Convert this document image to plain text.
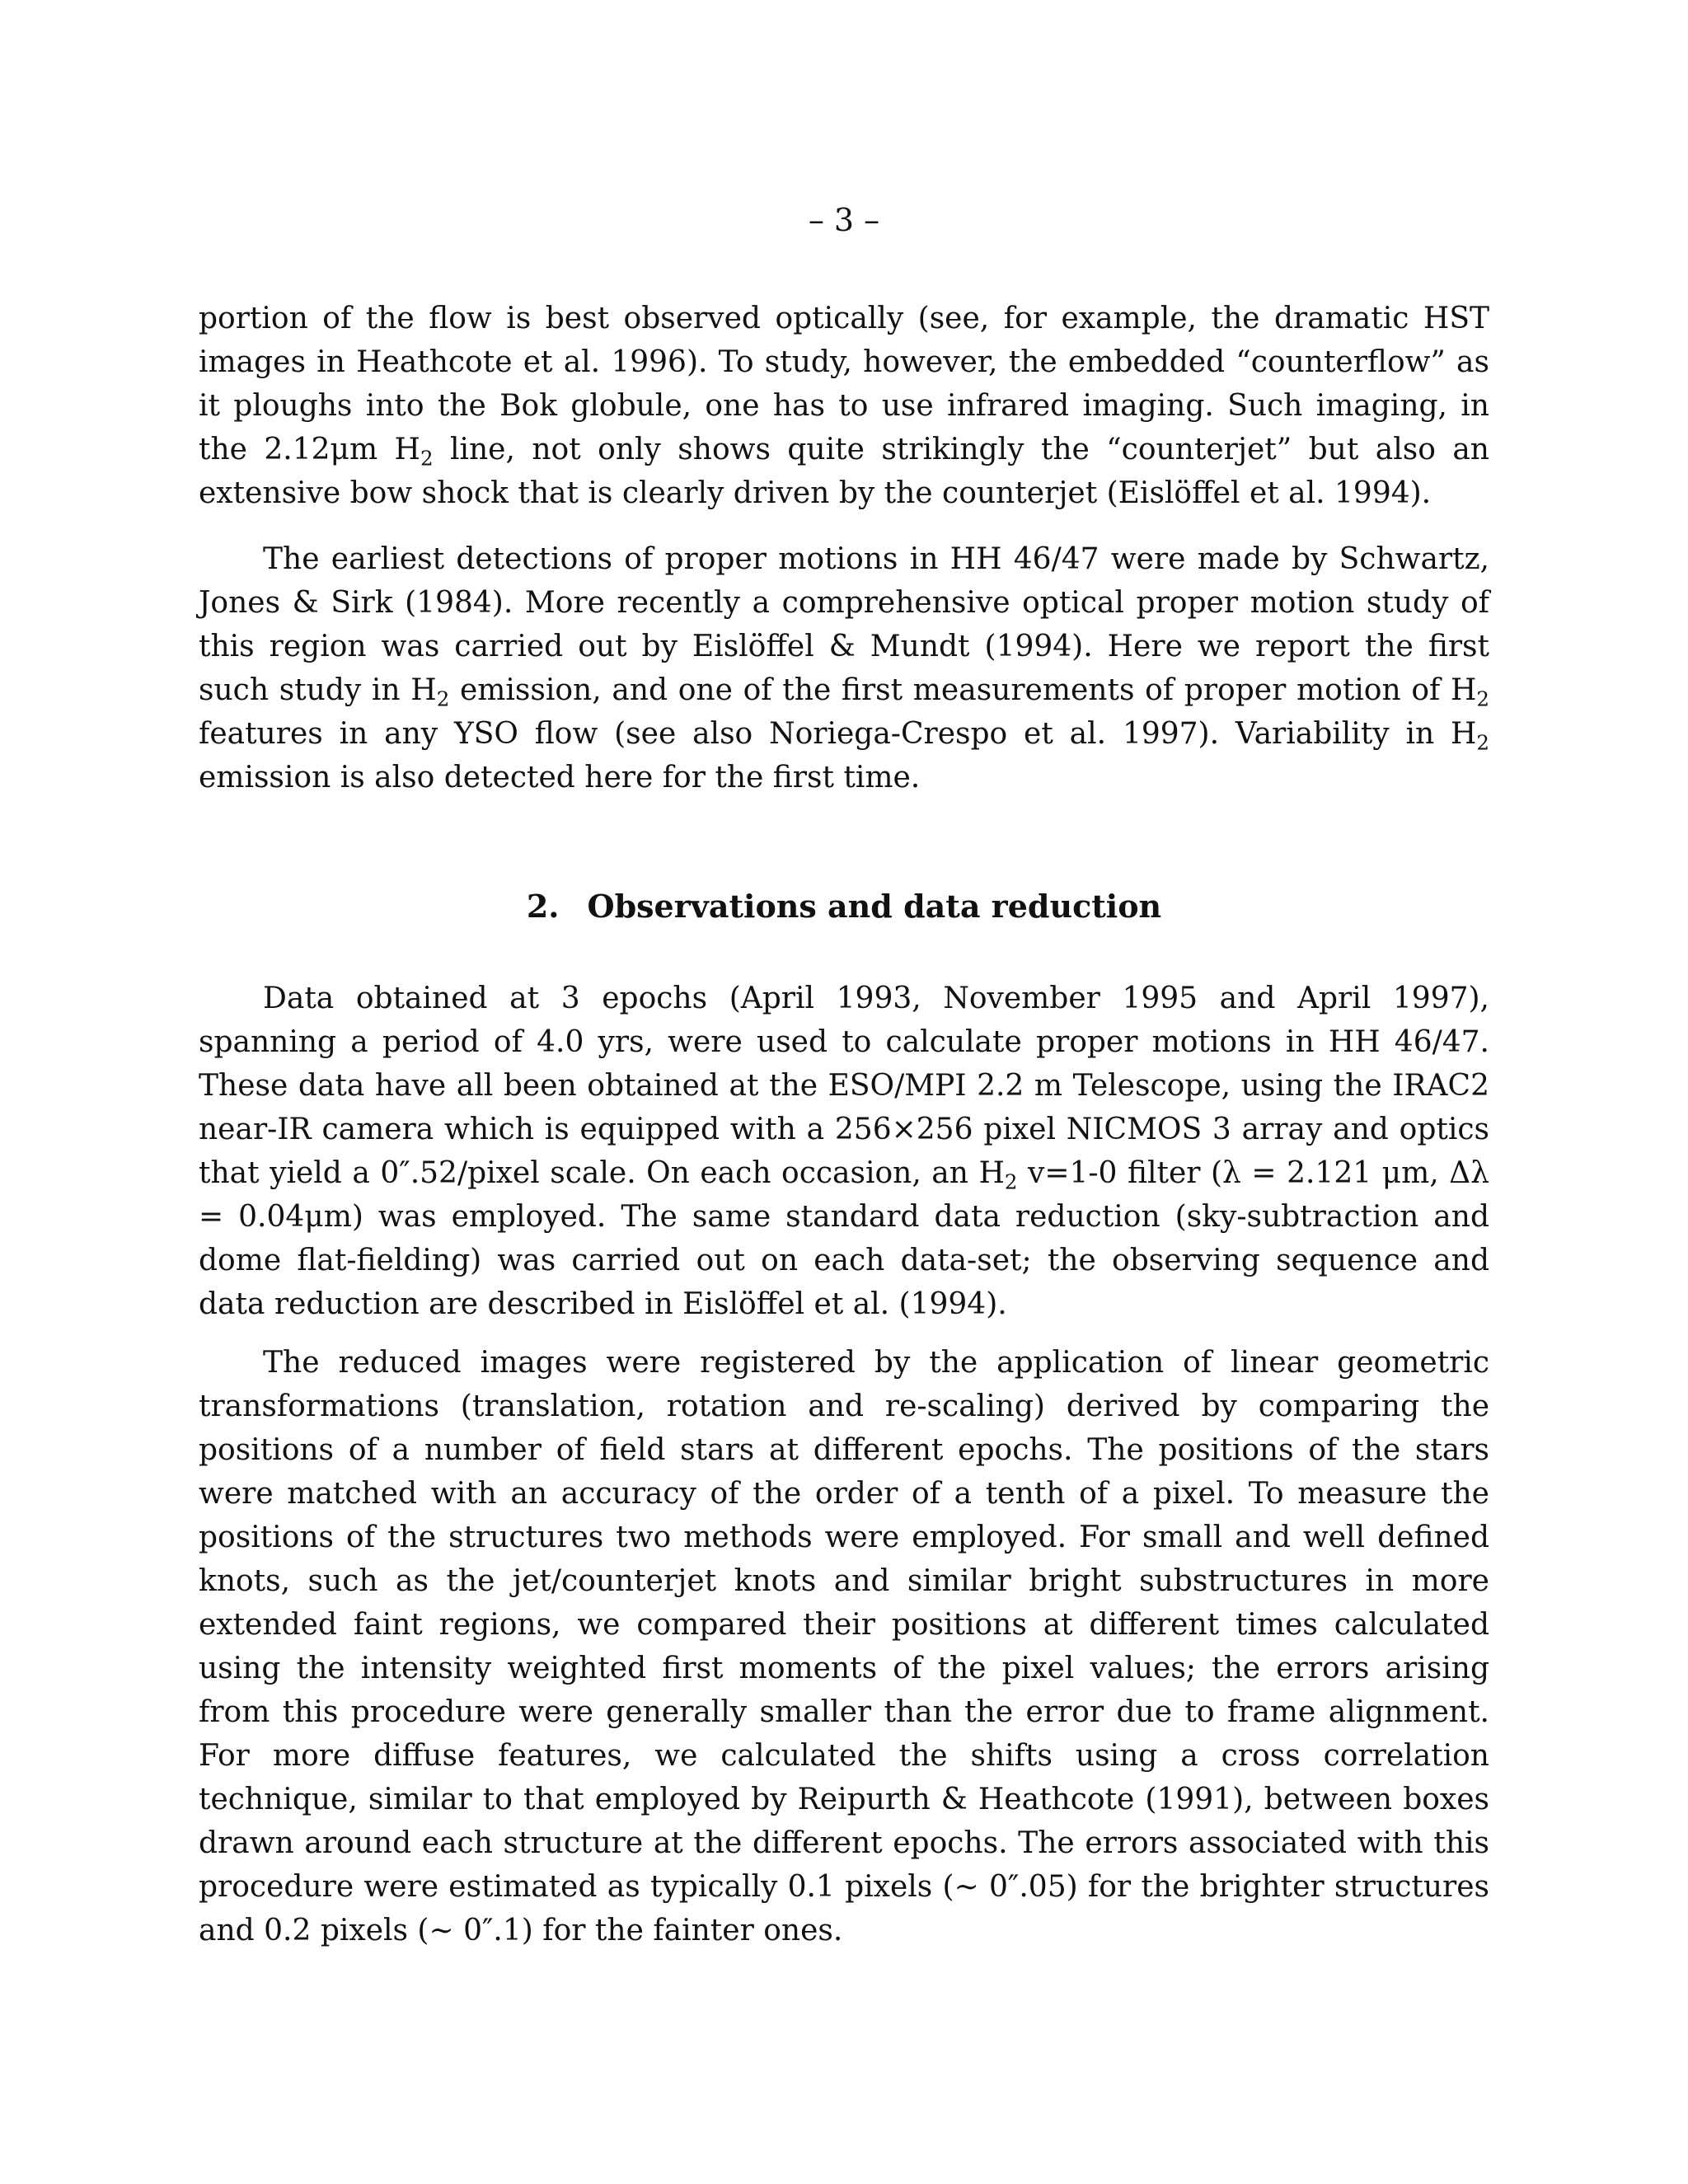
– 3 –

portion of the flow is best observed optically (see, for example, the dramatic HST images in Heathcote et al. 1996). To study, however, the embedded “counterflow” as it ploughs into the Bok globule, one has to use infrared imaging. Such imaging, in the 2.12μm $H_2$ line, not only shows quite strikingly the “counterjet” but also an extensive bow shock that is clearly driven by the counterjet (Eislöffel et al. 1994).

The earliest detections of proper motions in HH 46/47 were made by Schwartz, Jones & Sirk (1984). More recently a comprehensive optical proper motion study of this region was carried out by Eislöffel & Mundt (1994). Here we report the first such study in $H_2$ emission, and one of the first measurements of proper motion of $H_2$ features in any YSO flow (see also Noriega-Crespo et al. 1997). Variability in $H_2$ emission is also detected here for the first time.

2. Observations and data reduction

Data obtained at 3 epochs (April 1993, November 1995 and April 1997), spanning a period of 4.0 yrs, were used to calculate proper motions in HH 46/47. These data have all been obtained at the ESO/MPI 2.2 m Telescope, using the IRAC2 near-IR camera which is equipped with a 256×256 pixel NICMOS 3 array and optics that yield a 0″.52/pixel scale. On each occasion, an $H_2$ v=1-0 filter (λ = 2.121 μm, Δλ = 0.04μm) was employed. The same standard data reduction (sky-subtraction and dome flat-fielding) was carried out on each data-set; the observing sequence and data reduction are described in Eislöffel et al. (1994).

The reduced images were registered by the application of linear geometric transformations (translation, rotation and re-scaling) derived by comparing the positions of a number of field stars at different epochs. The positions of the stars were matched with an accuracy of the order of a tenth of a pixel. To measure the positions of the structures two methods were employed. For small and well defined knots, such as the jet/counterjet knots and similar bright substructures in more extended faint regions, we compared their positions at different times calculated using the intensity weighted first moments of the pixel values; the errors arising from this procedure were generally smaller than the error due to frame alignment. For more diffuse features, we calculated the shifts using a cross correlation technique, similar to that employed by Reipurth & Heathcote (1991), between boxes drawn around each structure at the different epochs. The errors associated with this procedure were estimated as typically 0.1 pixels (∼ 0″.05) for the brighter structures and 0.2 pixels (∼ 0″.1) for the fainter ones.
